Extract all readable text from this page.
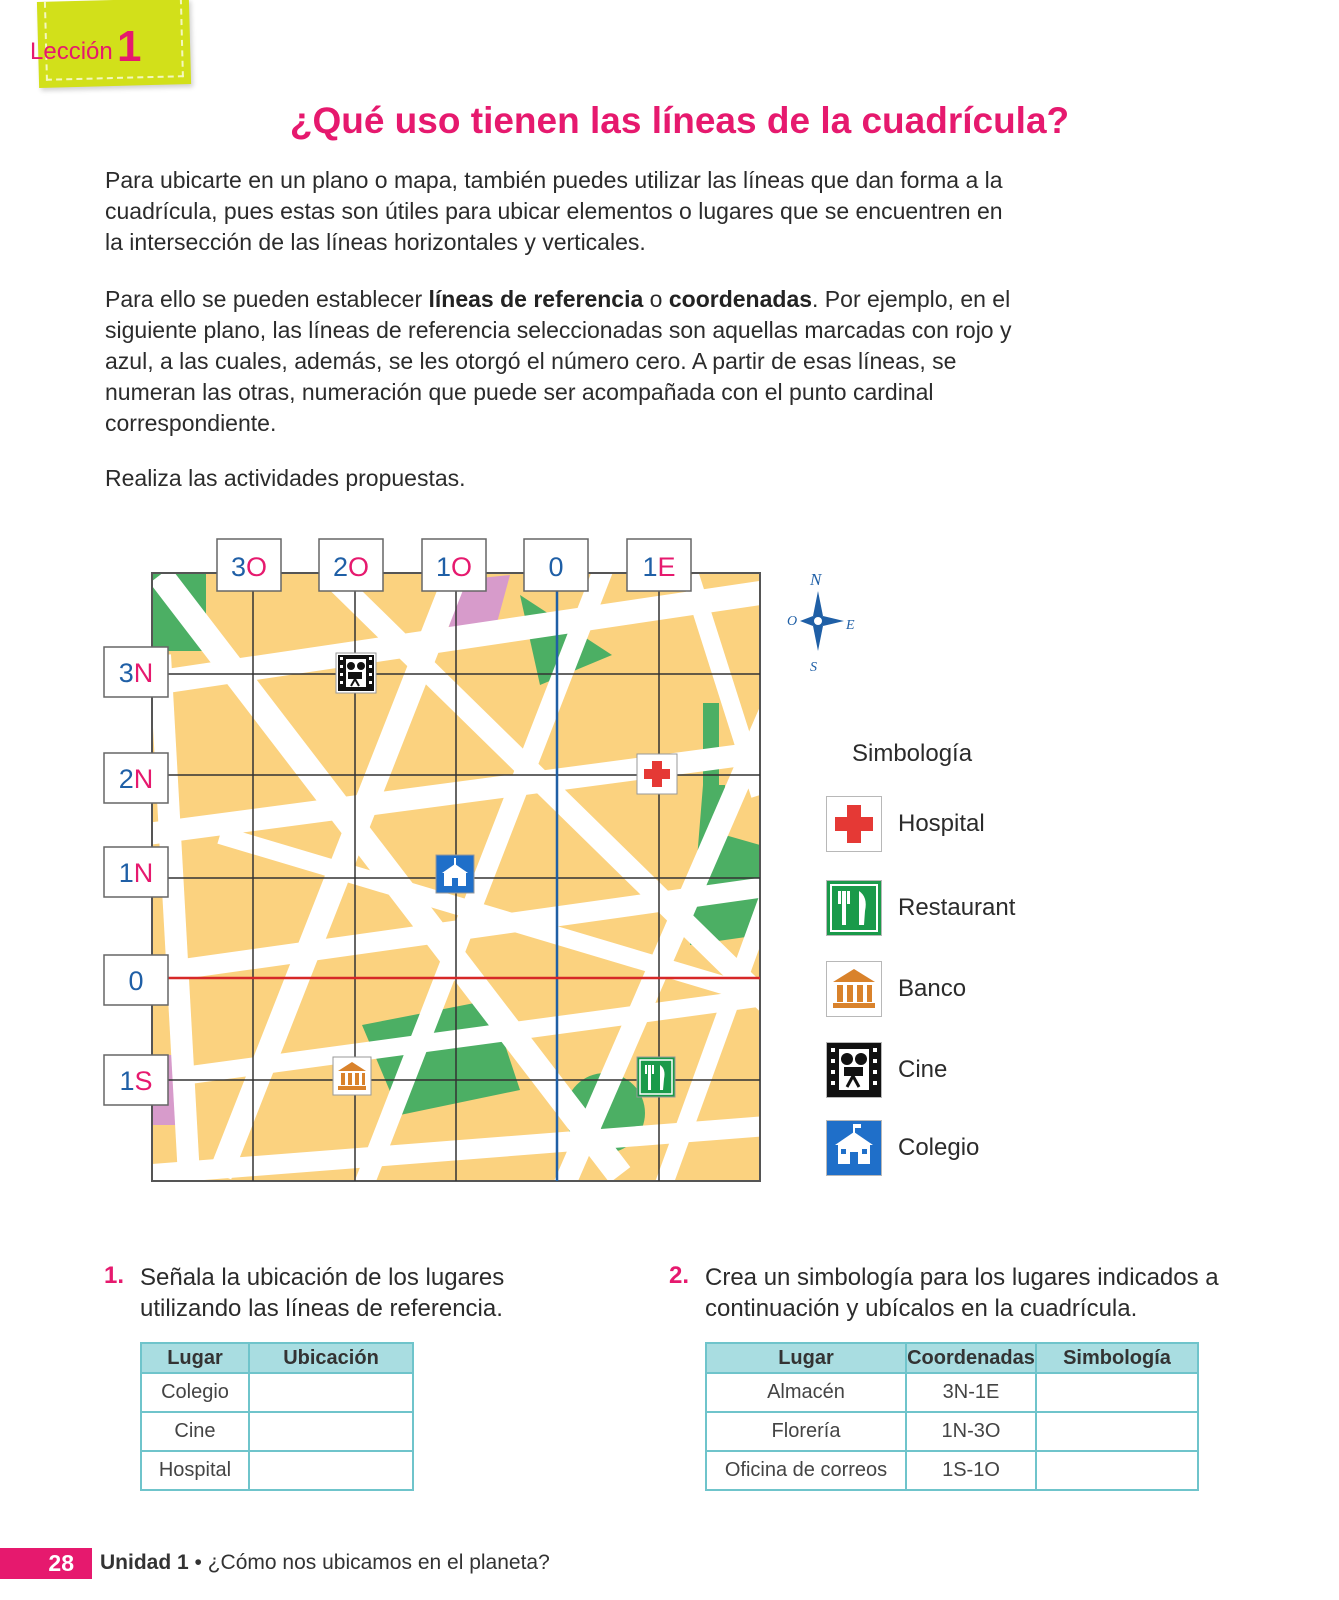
Lección 1
¿Qué uso tienen las líneas de la cuadrícula?
Para ubicarte en un plano o mapa, también puedes utilizar las líneas que dan forma a la cuadrícula, pues estas son útiles para ubicar elementos o lugares que se encuentren en la intersección de las líneas horizontales y verticales.
Para ello se pueden establecer líneas de referencia o coordenadas. Por ejemplo, en el siguiente plano, las líneas de referencia seleccionadas son aquellas marcadas con rojo y azul, a las cuales, además, se les otorgó el número cero. A partir de esas líneas, se numeran las otras, numeración que puede ser acompañada con el punto cardinal correspondiente.
Realiza las actividades propuestas.
3O 2O 1O	0	1E
3N
2N
1N
0
1S
N
O	E
S
Simbología
Hospital
Restaurant
Banco
Cine
Colegio
1. Señala la ubicación de los lugares utilizando las líneas de referencia.
Lugar	Ubicación
Colegio	
Cine	
Hospital	
2. Crea un simbología para los lugares indicados a continuación y ubícalos en la cuadrícula.
Lugar	Coordenadas	Simbología
Almacén	3N-1E	
Florería	1N-3O	
Oficina de correos	1S-1O	
28	Unidad 1 • ¿Cómo nos ubicamos en el planeta?
